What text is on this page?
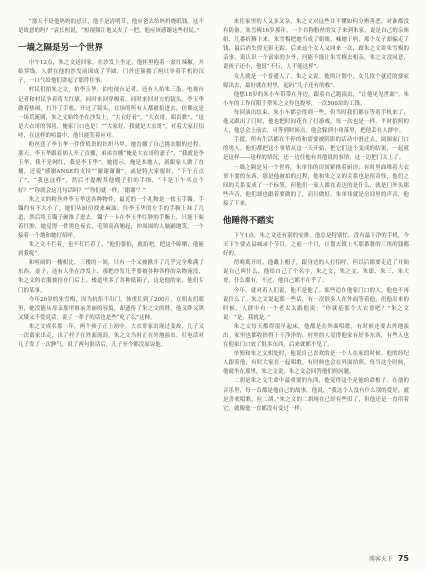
“那天不是他妈妈的忌日，他不是清明节，他应爸去给妈妈烧纸钱。这不是故意的吗？”袁长桓说，“短视频让他又火了一把，他应该感谢这些村民。”

一墙之隔是另一个世界

中午12点，朱之文送回家，在沙发上坐定。他怀里抱着一盆红辣椒，开始穿线。人群在他的沙发前围成了半圆，门外还簇拥了两只举着手机的汉子，一口气给他们讲起了那件往事。

村民们拍朱之文，拍李玉华，拍电视台记者，还有人拍朱三蛋。电视台记者和村民争着将大红旗。同时来回穿梭着，同时来回对方的镜头。李玉华做着热闹，打开了手机，开过了镜头。在场的所有人都被拍进去，仿佛这是一场荒诞剧，朱之文始终坐在沙发上，“大衣好看”，“大衣哥，唱首歌”，“这是大衣哥的邻居，俺家门口也是！”“大家好，我就是大衣哥”，对着大家打招呼，在这样的喧嚣中，他只能笑着应对。

粉丝送了李玉华一件价值贵的针织马甲，她直播了自己挑衣服的过程。那天，李玉华跟着胡人开了直播，弟弟直播“俺是大衣哥的妻子”，“我就是李玉华，我不是网红，我是李玉华”。她提示，俺是本地人，新跟家人做了直播，还说“感谢ANSE的支持”“谢谢谢谢”，或是特大家报时，“下午五点了”，“我也这样”，然后才提醒其他嫂子们的手指，“不是下午买点个好？”“你就会这几句话吗？”“你们就一样，‘谢谢’？”

朱之文的粉丝外李玉华送各种物件，最近的一个礼物是一枚玉手镯。手镯约有不大小了，她们从厨房找来麻油，往李玉华的左手的手腕上抹了几道，然后将玉镯子硬推了进去。镯子一卡在李玉华红肿的手腕上，只能干晾着红肿，她觉得一件黑色夜衣，毛领高高翘起，冲周围的人脑踊地笑，一个接着一个地和她打招呼。

朱之文不拦着，也不打拦着了，“他们要拍，就拍吧，把这个晾晒，他能到我呢”。

和喧闹的一楼相比，三楼的一间，只有一个又被掀开了几乎完全堆满了东西，桌子，还有人坐在沙发上，那把沙发几乎要被各种各样的杂物淹没，朱之文的衣服被挂在门后上。楼道里多了各种纸箱子，这是他的家，他们专门的某事。

今年20岁的朱雪梅，因为抗拒不出门，体重长到了200斤，在朋友们眼里，她没能从母亲那里继承美丽的容貌，却遗传了朱之文的胖，他又胖又黑又矮又不爱说话，说了一辈子的话也是些“吃了么”这种。

朱之文成名那一年，两个孩子正上初中。大衣哥家出现过变故，儿子又一次离家出走，出了村子在外面流浪，朱之文当时正在外地演出。打电话对儿子发了一次脾气，说了两句狠话后，儿子至今都没原谅他。

来往家里的人又多又杂，朱之文对这些并不懂如何分辨善恶，对谁都没有防备。朱雪梅16岁那年，一个自称粉丝的女子来到朱家，说是自己的亲姐姐，几番折腾下来，朱雪梅把她当成了姐姐，喊她干妈，那个女子却骗走了钱，最后消失得无影无踪。后来这个女人又回来一次，跟朱之文讲朱雪梅的亲事，说认识一个富家的少爷，问能不能让朱雪梅去相亲，朱之文没同意，说孩子还小，他说“不行，人不能这样”。

女儿就是一个普通人了，朱之文说。他的计划中，女儿找个就近的婆家嫁出去，最好就在村里，起码“儿子还有的救”。

他想18岁的朱小车带带在身边，跟着自己跑演出，“让他见见世面”。朱小车的工作仅限于帮朱之文拎包提琴，一次500块的工钱。

每回演出结束，朱小车都会得到一些，但当时我们都在等着手机来了，他又跟出了门时，他也把时间花在了打游戏。每一次也是一样，平时拍照的人，他总会上前去，可等到时间点，他会躲到小角落里，把他丢在人群中。

手提，所有生活都在不停的和需要被阴影的活动中滑过去，阅图家门口的男人。他们都把这个事情从这一天开始，把它们这个变成的结果，一起就是这样——这样的情况，还一边往他有其他说的事情，这一边把门关上了。

一墙之隔是另一个世界。朱单伟的房间紧挨着厨房，有时里面堆着大衣哥不要的东西，那是他被拍的过程，他和朱之文的关系也是很奇怪，他们之间的关系变成了一个标签，但他们一家人都在表达的是什么，就是门外头那些声音，他们却也跟着要做的了，而且做好。朱单伟就是房间里的声音，他接了下来。

他睡得不踏实

下午1点，朱之文还有别的安排。他总是特别忙，没有最干净的手机，今天下午要去县城录个节目。之前一个月，计划去镇上买那番薯的三角的钱都好的。

傍晚离开时，他戴上帽子，跟身边的人打招呼，但以后都要走近了开始说自己叫什么，他给自己了个名字，朱之文，朱之文、朱郎、朱三、朱大哥，什么都有，不过，他自己都不在乎了。

今年，就对着人们说，他不是他了。那些追在他家门口的人，他也不再说什么了。朱之文说起那一些话，有一次很多人在外面等着他，但他出来的时候，人群中有一个老太太跟他说：“你就是那个大衣哥吧？”朱之文说：“是，我就是。”

朱之文每天都得很早起床，他都是在外面唱歌，有时候还要去外地演出。家里也都收拾得干干净净的，村里的人觉得他家有好多东西，有些人也在他家门口放了很多东西，后来就都不见了。

单独和朱之文相处时，他说自己喜欢的是一个人在家的时候。他的经纪人跟着他，有时大家在一起唱歌，有时候也会在外面拍照。每当这个时候，他就坐在那里，朱之文说，朱之文会回答他们的问题。

二胡是朱之文生命中最重要的东西，他觉得这个是他的命根子。在他的音乐里，每一首都是他自己的故事。他说，“我这个人没有什么别的爱好，就是喜欢唱歌、拉二胡。”朱之文的二胡现在已经有些旧了，但他还是一直用着它，就像他一直都没有变过一样。

博客天下 75
